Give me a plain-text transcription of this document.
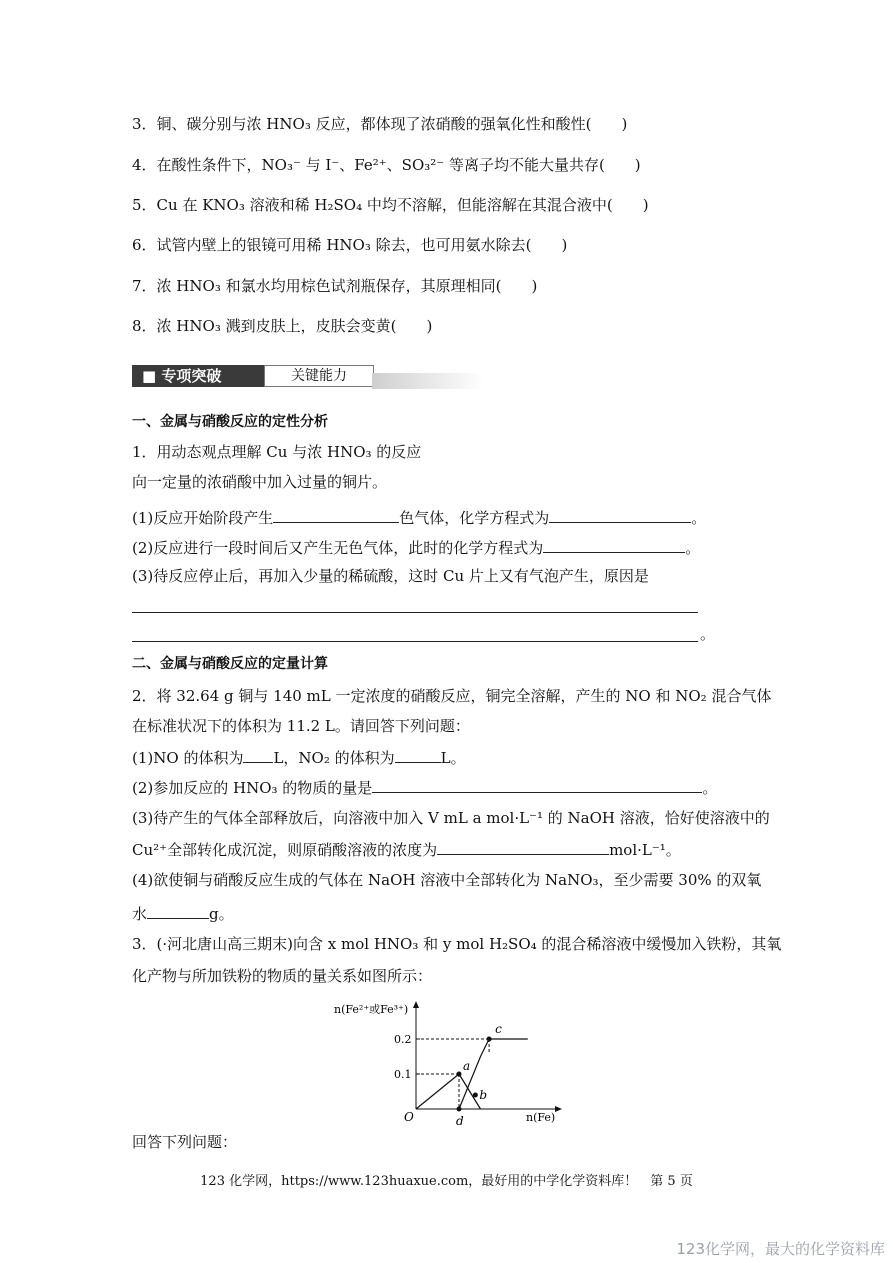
3．铜、碳分别与浓 HNO₃ 反应，都体现了浓硝酸的强氧化性和酸性(　　)
4．在酸性条件下，NO₃⁻ 与 I⁻、Fe²⁺、SO₃²⁻ 等离子均不能大量共存(　　)
5．Cu 在 KNO₃ 溶液和稀 H₂SO₄ 中均不溶解，但能溶解在其混合液中(　　)
6．试管内壁上的银镜可用稀 HNO₃ 除去，也可用氨水除去(　　)
7．浓 HNO₃ 和氯水均用棕色试剂瓶保存，其原理相同(　　)
8．浓 HNO₃ 溅到皮肤上，皮肤会变黄(　　)
■ 专项突破	关键能力
一、金属与硝酸反应的定性分析
1．用动态观点理解 Cu 与浓 HNO₃ 的反应
向一定量的浓硝酸中加入过量的铜片。
(1)反应开始阶段产生	色气体，化学方程式为	。
(2)反应进行一段时间后又产生无色气体，此时的化学方程式为	。
(3)待反应停止后，再加入少量的稀硫酸，这时 Cu 片上又有气泡产生，原因是
。
二、金属与硝酸反应的定量计算
2．将 32.64 g 铜与 140 mL 一定浓度的硝酸反应，铜完全溶解，产生的 NO 和 NO₂ 混合气体
在标准状况下的体积为 11.2 L。请回答下列问题：
(1)NO 的体积为 L，NO₂ 的体积为	L。
(2)参加反应的 HNO₃ 的物质的量是	。
(3)待产生的气体全部释放后，向溶液中加入 V mL a mol·L⁻¹ 的 NaOH 溶液，恰好使溶液中的
Cu²⁺全部转化成沉淀，则原硝酸溶液的浓度为	mol·L⁻¹。
(4)欲使铜与硝酸反应生成的气体在 NaOH 溶液中全部转化为 NaNO₃，至少需要 30% 的双氧
水	g。
3．(·河北唐山高三期末)向含 x mol HNO₃ 和 y mol H₂SO₄ 的混合稀溶液中缓慢加入铁粉，其氧
化产物与所加铁粉的物质的量关系如图所示：
n(Fe²⁺或Fe³⁺)
n(Fe)
O
0.1
0.2
a
b
c
d
回答下列问题：
123 化学网，https://www.123huaxue.com，最好用的中学化学资料库！　第 5 页
123化学网，最大的化学资料库
